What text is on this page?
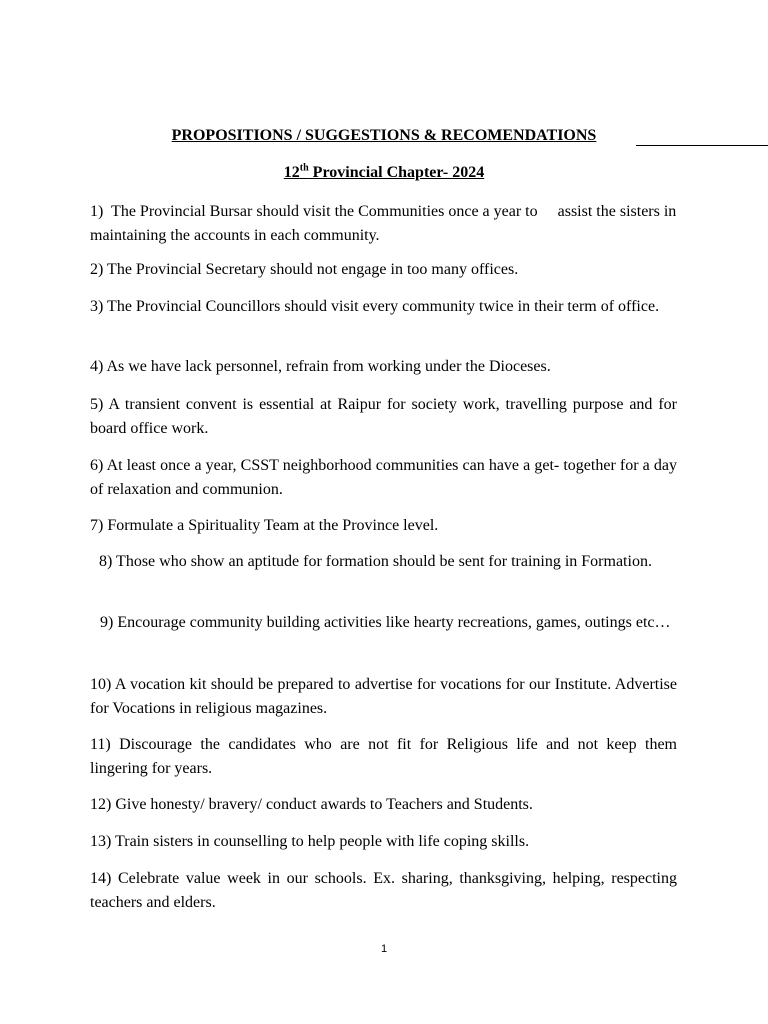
PROPOSITIONS / SUGGESTIONS & RECOMENDATIONS
12th Provincial Chapter- 2024
1)  The Provincial Bursar should visit the Communities once a year to     assist the sisters in maintaining the accounts in each community.
2) The Provincial Secretary should not engage in too many offices.
3) The Provincial Councillors should visit every community twice in their term of office.
4) As we have lack personnel, refrain from working under the Dioceses.
5) A transient convent is essential at Raipur for society work, travelling purpose and for board office work.
6) At least once a year, CSST neighborhood communities can have a get- together for a day of relaxation and communion.
7) Formulate a Spirituality Team at the Province level.
8) Those who show an aptitude for formation should be sent for training in Formation.
9) Encourage community building activities like hearty recreations, games, outings etc…
10) A vocation kit should be prepared to advertise for vocations for our Institute. Advertise for Vocations in religious magazines.
11) Discourage the candidates who are not fit for Religious life and not keep them lingering for years.
12) Give honesty/ bravery/ conduct awards to Teachers and Students.
13) Train sisters in counselling to help people with life coping skills.
14) Celebrate value week in our schools. Ex. sharing, thanksgiving, helping, respecting teachers and elders.
1
